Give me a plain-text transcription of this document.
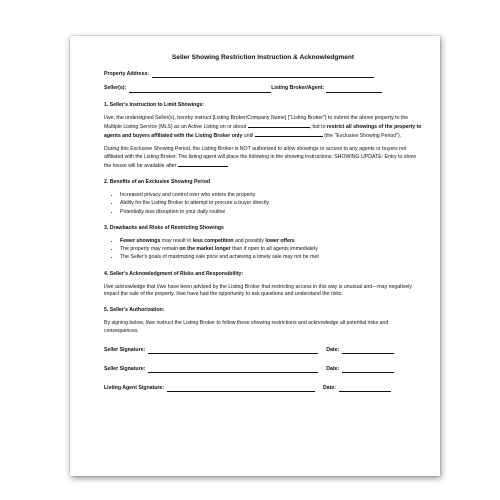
Seller Showing Restriction Instruction & Acknowledgment
Property Address:
Seller(s):	Listing Broker/Agent:
1. Seller's Instruction to Limit Showings:

I/we, the undersigned Seller(s), hereby instruct [Listing Broker/Company Name] ("Listing Broker") to submit the above property to the Multiple Listing Service (MLS) as an Active Listing on or about	, but to restrict all showings of the property to agents and buyers affiliated with the Listing Broker only until	(the "Exclusive Showing Period").

During this Exclusive Showing Period, the Listing Broker is NOT authorized to allow showings or access to any agents or buyers not affiliated with the Listing Broker. The listing agent will place the following in the showing instructions: SHOWING UPDATE: Entry to show the house will be available after

2. Benefits of an Exclusive Showing Period
• Increased privacy and control over who enters the property
• Ability for the Listing Broker to attempt to procure a buyer directly
• Potentially less disruption to your daily routine
3. Drawbacks and Risks of Restricting Showings
• Fewer showings may result in less competition and possibly lower offers
• The property may remain on the market longer than if open to all agents immediately
• The Seller's goals of maximizing sale price and achieving a timely sale may not be met
4. Seller's Acknowledgment of Risks and Responsibility:

I/we acknowledge that I/we have been advised by the Listing Broker that restricting access in this way is unusual and—may negatively impact the sale of the property. I/we have had the opportunity to ask questions and understand the risks.

5. Seller's Authorization:

By signing below, I/we instruct the Listing Broker to follow these showing restrictions and acknowledge all potential risks and consequences.

Seller Signature:	Date:
Seller Signature:	Date:
Listing Agent Signature:	Date:
